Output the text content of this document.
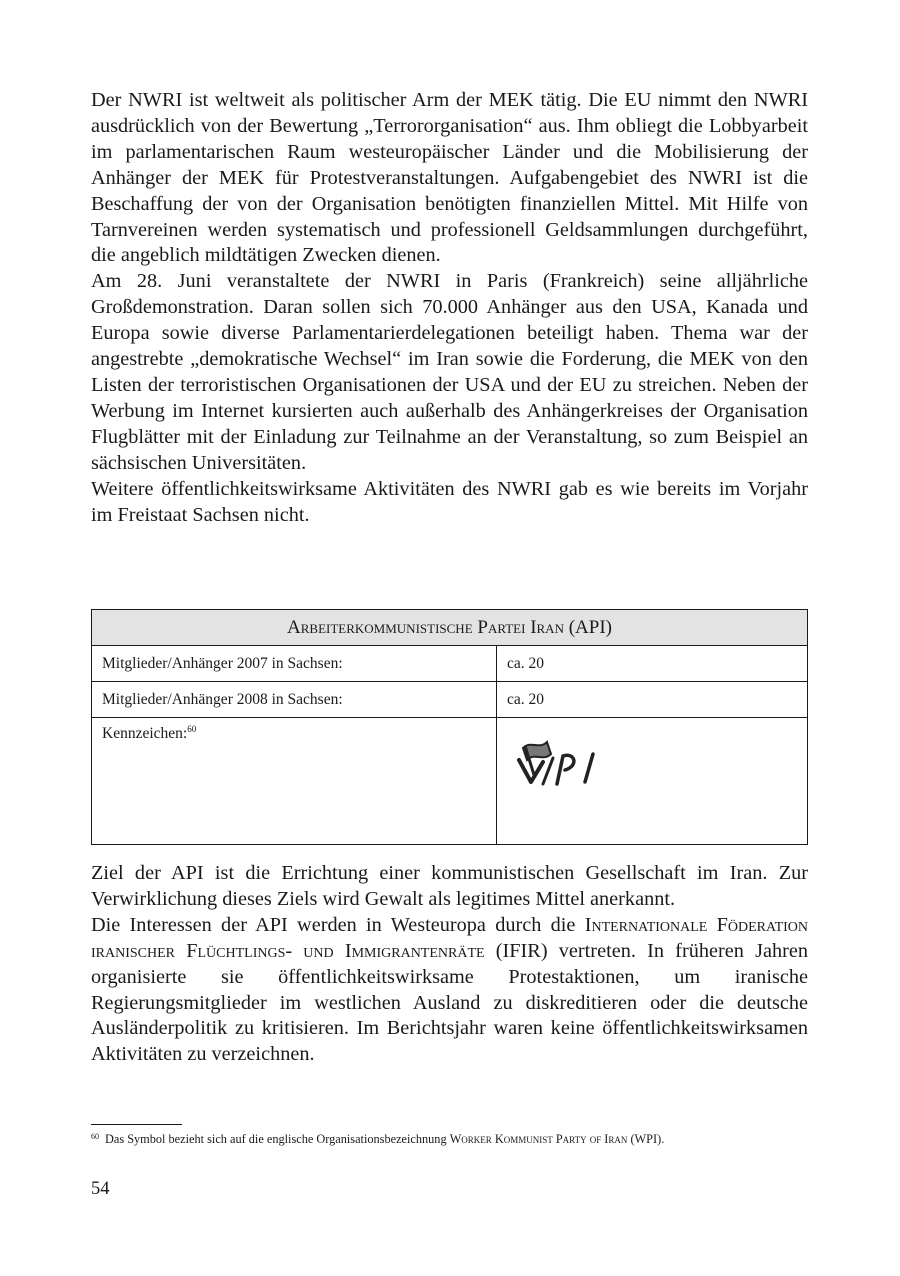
Der NWRI ist weltweit als politischer Arm der MEK tätig. Die EU nimmt den NWRI ausdrücklich von der Bewertung „Terrororganisation“ aus. Ihm obliegt die Lobbyarbeit im parlamentarischen Raum westeuropäischer Länder und die Mobilisierung der Anhänger der MEK für Protestveranstaltungen. Aufgabengebiet des NWRI ist die Beschaffung der von der Organisation benötigten finanziellen Mittel. Mit Hilfe von Tarnvereinen werden systematisch und professionell Geldsammlungen durchgeführt, die angeblich mildtätigen Zwecken dienen.

Am 28. Juni veranstaltete der NWRI in Paris (Frankreich) seine alljährliche Großdemonstration. Daran sollen sich 70.000 Anhänger aus den USA, Kanada und Europa sowie diverse Parlamentarierdelegationen beteiligt haben. Thema war der angestrebte „demokratische Wechsel“ im Iran sowie die Forderung, die MEK von den Listen der terroristischen Organisationen der USA und der EU zu streichen. Neben der Werbung im Internet kursierten auch außerhalb des Anhängerkreises der Organisation Flugblätter mit der Einladung zur Teilnahme an der Veranstaltung, so zum Beispiel an sächsischen Universitäten.

Weitere öffentlichkeitswirksame Aktivitäten des NWRI gab es wie bereits im Vorjahr im Freistaat Sachsen nicht.

Arbeiterkommunistische Partei Iran (API)	
Mitglieder/Anhänger 2007 in Sachsen:	ca. 20
Mitglieder/Anhänger 2008 in Sachsen:	ca. 20
Kennzeichen:$^{60}$	

Ziel der API ist die Errichtung einer kommunistischen Gesellschaft im Iran. Zur Verwirklichung dieses Ziels wird Gewalt als legitimes Mittel anerkannt.

Die Interessen der API werden in Westeuropa durch die Internationale Föderation iranischer Flüchtlings- und Immigrantenräte (IFIR) vertreten. In früheren Jahren organisierte sie öffentlichkeitswirksame Protestaktionen, um iranische Regierungsmitglieder im westlichen Ausland zu diskreditieren oder die deutsche Ausländerpolitik zu kritisieren. Im Berichtsjahr waren keine öffentlichkeitswirksamen Aktivitäten zu verzeichnen.

$^{60}$ Das Symbol bezieht sich auf die englische Organisationsbezeichnung Worker Kommunist Party of Iran (WPI).
54
